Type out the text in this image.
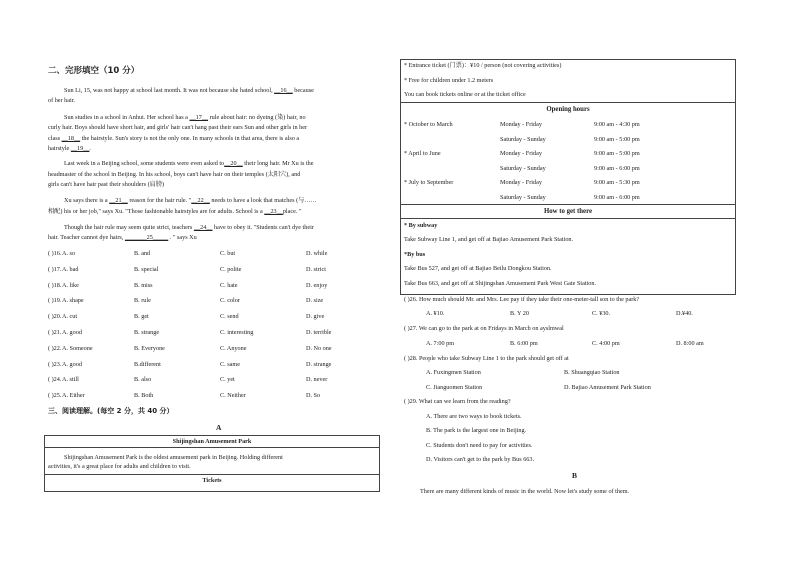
二、完形填空（10 分）
Sun Li, 15, was not happy at school last month. It was not because she hated school, __16__ because
of her hair.
Sun studies in a school in Anhui. Her school has a __17__ rule about hair: no dyeing (染) hair, no
curly hair. Boys should have short hair, and girls' hair can't hang past their ears Sun and other girls in her
class __18__ the hairstyle. Sun's story is not the only one. In many schools in that area, there is also a
hairstyle __19__.
Last week in a Beijing school, some students were even asked to__20__ their long hair. Mr Xu is the
headmaster of the school in Beijing. In his school, boys can't have hair on their temples (太阳穴), and
girls can't have hair past their shoulders (肩膀)
Xu says there is a __21__ reason for the hair rule. "__22__ needs to have a look that matches (与……
相配) his or her job," says Xu. "Those fashionable hairstyles are for adults. School is a __23__place. "
Though the hair rule may seem quite strict, teachers __24__ have to obey it. "Students can't dye their
hair. Teacher cannot dye hairs, _______25_____ . " says Xu
( )16. A. so	B. and	C. but	D. while
( )17. A. bad	B. special	C. polite	D. strict
( )18. A. like	B. miss	C. hate	D. enjoy
( )19. A. shape	B. rule	C. color	D. size
( )20. A. cut	B. get	C. send	D. give
( )21. A. good	B. strange	C. interesting	D. terrible
( )22. A. Someone	B. Everyone	C. Anyone	D. No one
( )23. A. good	B.different	C. same	D. strange
( )24. A. still	B. also	C. yet	D. never
( )25. A. Either	B. Both	C. Neither	D. So
三、阅读理解。(每空 2 分，共 40 分）
A
Shijingshan Amusement Park
Shijingshan Amusement Park is the oldest amusement park in Beijing. Holding different
activities, it's a great place for adults and children to visit.
Tickets
* Entrance ticket (门票)：¥10 / person (not covering activities)
* Free for children under 1.2 meters
You can book tickets online or at the ticket office
Opening hours
* October to March	Monday - Friday	9:00 am - 4:30 pm
Saturday - Sunday	9:00 am - 5:00 pm
* April to June	Monday - Friday	9:00 am - 5:00 pm
Saturday - Sunday	9:00 am - 6:00 pm
* July to September	Monday - Friday	9:00 am - 5:30 pm
Saturday - Sunday	9:00 am - 6:00 pm
How to get there
* By subway
Take Subway Line 1, and get off at Bajiao Amusement Park Station.
*By bus
Take Bus 527, and get off at Bajiao Beilu Dongkou Station.
Take Bus 663, and get off at Shijingshan Amusement Park West Gate Station.
( )26. How much should Mr. and Mrs. Lee pay if they take their one-meter-tall son to the park?
A. ¥10.	B. Y 20	C. ¥30.	D.¥40.
( )27. We can go to the park at on Fridays in March on ayslmwal
A. 7:00 pm	B. 6:00 pm	C. 4:00 pm	D. 8:00 am
( )28. People who take Subway Line 1 to the park should get off at
A. Fuxingmen Station	B. Shuangqiao Station
C. Jianguomen Station	D. Bajiao Amusement Park Station
( )29. What can we learn from the reading?
A. There are two ways to book tickets.
B. The park is the largest one in Beijing.
C. Students don't need to pay for activities.
D. Visitors can't get to the park by Bus 663.
B
There are many different kinds of music in the world. Now let's study some of them.
